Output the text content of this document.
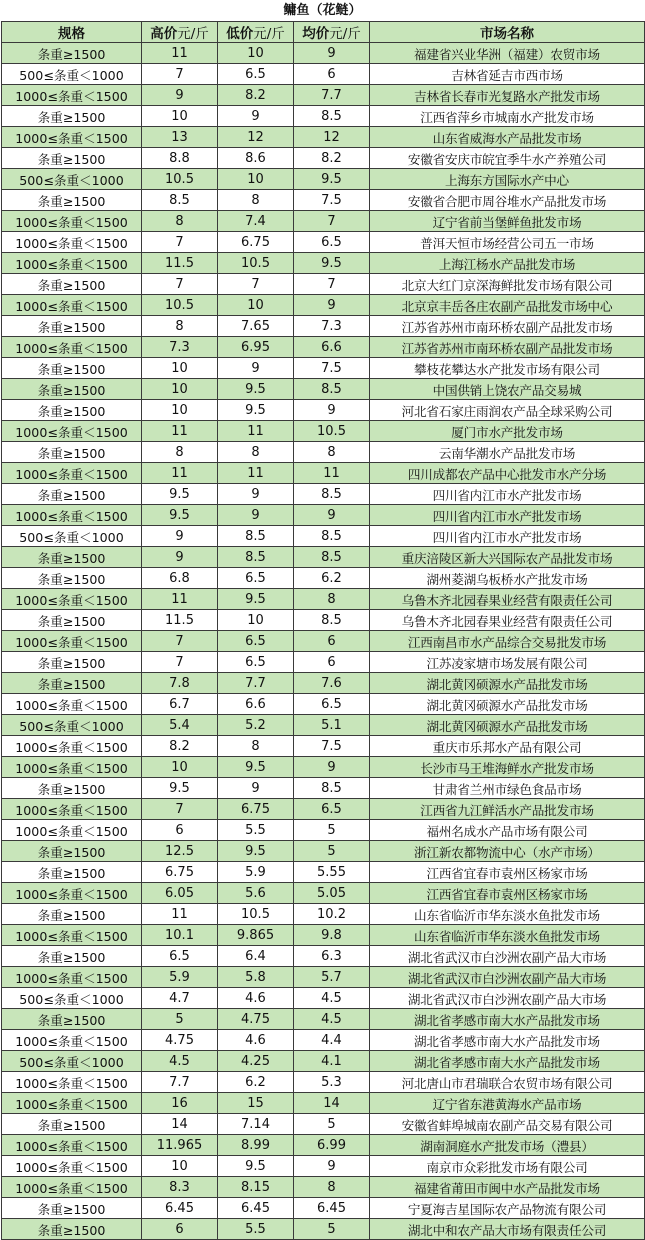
鳙鱼（花鲢）
规格	高价元/斤	低价元/斤	均价元/斤	市场名称
条重≥1500	11	10	9	福建省兴业华洲（福建）农贸市场
500≤条重＜1000	7	6.5	6	吉林省延吉市西市场
1000≤条重＜1500	9	8.2	7.7	吉林省长春市光复路水产批发市场
条重≥1500	10	9	8.5	江西省萍乡市城南水产批发市场
1000≤条重＜1500	13	12	12	山东省威海水产品批发市场
条重≥1500	8.8	8.6	8.2	安徽省安庆市皖宜季牛水产养殖公司
500≤条重＜1000	10.5	10	9.5	上海东方国际水产中心
条重≥1500	8.5	8	7.5	安徽省合肥市周谷堆水产品批发市场
1000≤条重＜1500	8	7.4	7	辽宁省前当堡鲜鱼批发市场
1000≤条重＜1500	7	6.75	6.5	普洱天恒市场经营公司五一市场
1000≤条重＜1500	11.5	10.5	9.5	上海江杨水产品批发市场
条重≥1500	7	7	7	北京大红门京深海鲜批发市场有限公司
1000≤条重＜1500	10.5	10	9	北京京丰岳各庄农副产品批发市场中心
条重≥1500	8	7.65	7.3	江苏省苏州市南环桥农副产品批发市场
1000≤条重＜1500	7.3	6.95	6.6	江苏省苏州市南环桥农副产品批发市场
条重≥1500	10	9	7.5	攀枝花攀达水产批发市场有限公司
条重≥1500	10	9.5	8.5	中国供销上饶农产品交易城
条重≥1500	10	9.5	9	河北省石家庄雨润农产品全球采购公司
1000≤条重＜1500	11	11	10.5	厦门市水产批发市场
条重≥1500	8	8	8	云南华潮水产品批发市场
1000≤条重＜1500	11	11	11	四川成都农产品中心批发市水产分场
条重≥1500	9.5	9	8.5	四川省内江市水产批发市场
1000≤条重＜1500	9.5	9	9	四川省内江市水产批发市场
500≤条重＜1000	9	8.5	8.5	四川省内江市水产批发市场
条重≥1500	9	8.5	8.5	重庆涪陵区新大兴国际农产品批发市场
条重≥1500	6.8	6.5	6.2	湖州菱湖乌板桥水产批发市场
1000≤条重＜1500	11	9.5	8	乌鲁木齐北园春果业经营有限责任公司
条重≥1500	11.5	10	8.5	乌鲁木齐北园春果业经营有限责任公司
1000≤条重＜1500	7	6.5	6	江西南昌市水产品综合交易批发市场
条重≥1500	7	6.5	6	江苏凌家塘市场发展有限公司
条重≥1500	7.8	7.7	7.6	湖北黄冈硕源水产品批发市场
1000≤条重＜1500	6.7	6.6	6.5	湖北黄冈硕源水产品批发市场
500≤条重＜1000	5.4	5.2	5.1	湖北黄冈硕源水产品批发市场
1000≤条重＜1500	8.2	8	7.5	重庆市乐邦水产品有限公司
1000≤条重＜1500	10	9.5	9	长沙市马王堆海鲜水产批发市场
条重≥1500	9.5	9	8.5	甘肃省兰州市绿色食品市场
1000≤条重＜1500	7	6.75	6.5	江西省九江鲜活水产品批发市场
1000≤条重＜1500	6	5.5	5	福州名成水产品市场有限公司
条重≥1500	12.5	9.5	5	浙江新农都物流中心（水产市场）
条重≥1500	6.75	5.9	5.55	江西省宜春市袁州区杨家市场
1000≤条重＜1500	6.05	5.6	5.05	江西省宜春市袁州区杨家市场
条重≥1500	11	10.5	10.2	山东省临沂市华东淡水鱼批发市场
1000≤条重＜1500	10.1	9.865	9.8	山东省临沂市华东淡水鱼批发市场
条重≥1500	6.5	6.4	6.3	湖北省武汉市白沙洲农副产品大市场
1000≤条重＜1500	5.9	5.8	5.7	湖北省武汉市白沙洲农副产品大市场
500≤条重＜1000	4.7	4.6	4.5	湖北省武汉市白沙洲农副产品大市场
条重≥1500	5	4.75	4.5	湖北省孝感市南大水产品批发市场
1000≤条重＜1500	4.75	4.6	4.4	湖北省孝感市南大水产品批发市场
500≤条重＜1000	4.5	4.25	4.1	湖北省孝感市南大水产品批发市场
1000≤条重＜1500	7.7	6.2	5.3	河北唐山市君瑞联合农贸市场有限公司
1000≤条重＜1500	16	15	14	辽宁省东港黄海水产品市场
条重≥1500	14	7.14	5	安徽省蚌埠城南农副产品交易有限公司
1000≤条重＜1500	11.965	8.99	6.99	湖南洞庭水产批发市场（澧县）
1000≤条重＜1500	10	9.5	9	南京市众彩批发市场有限公司
1000≤条重＜1500	8.3	8.15	8	福建省莆田市闽中水产品批发市场
条重≥1500	6.45	6.45	6.45	宁夏海吉星国际农产品物流有限公司
条重≥1500	6	5.5	5	湖北中和农产品大市场有限责任公司
